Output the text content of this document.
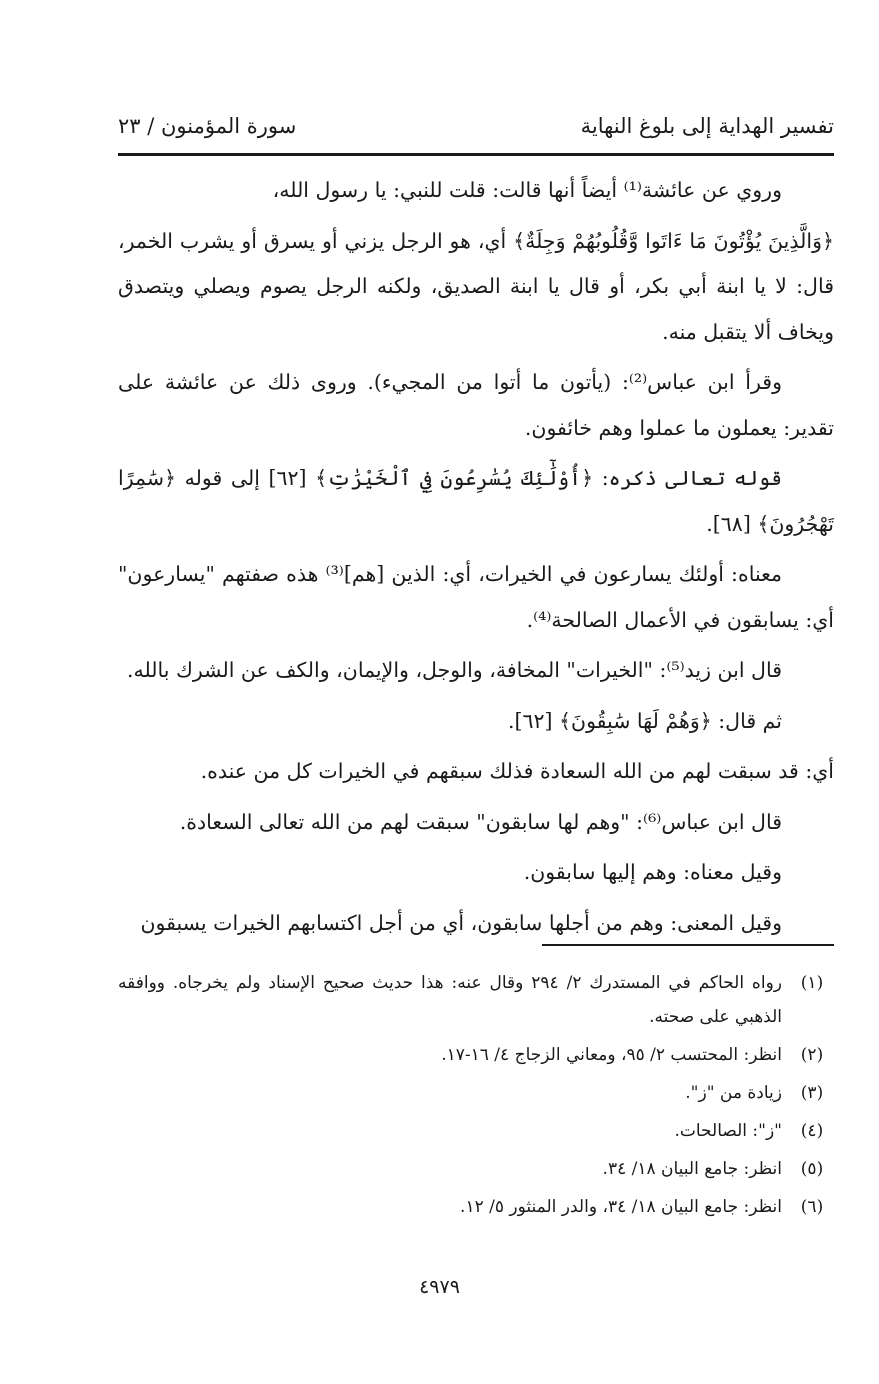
تفسير الهداية إلى بلوغ النهاية
سورة المؤمنون / ٢٣

وروي عن عائشة⁽¹⁾ أيضاً أنها قالت: قلت للنبي: يا رسول الله،

﴿وَالَّذِينَ يُؤْتُونَ مَا ءَاتَوا وَّقُلُوبُهُمْ وَجِلَةٌ﴾ أي، هو الرجل يزني أو يسرق أو يشرب الخمر، قال: لا يا ابنة أبي بكر، أو قال يا ابنة الصديق، ولكنه الرجل يصوم ويصلي ويتصدق ويخاف ألا يتقبل منه.

وقرأ ابن عباس⁽²⁾: (يأتون ما أتوا من المجيء). وروى ذلك عن عائشة على تقدير: يعملون ما عملوا وهم خائفون.

قوله تعالى ذكره: ﴿أُوْلَٰٓئِكَ يُسَٰرِعُونَ فِي ٱلْخَيْرَٰتِ﴾ [٦٢] إلى قوله ﴿سَٰمِرًا تَهْجُرُونَ﴾ [٦٨].

معناه: أولئك يسارعون في الخيرات، أي: الذين [هم]⁽³⁾ هذه صفتهم "يسارعون" أي: يسابقون في الأعمال الصالحة⁽⁴⁾.

قال ابن زيد⁽⁵⁾: "الخيرات" المخافة، والوجل، والإيمان، والكف عن الشرك بالله.

ثم قال: ﴿وَهُمْ لَهَا سَٰبِقُونَ﴾ [٦٢].

أي: قد سبقت لهم من الله السعادة فذلك سبقهم في الخيرات كل من عنده.

قال ابن عباس⁽⁶⁾: "وهم لها سابقون" سبقت لهم من الله تعالى السعادة.

وقيل معناه: وهم إليها سابقون.

وقيل المعنى: وهم من أجلها سابقون، أي من أجل اكتسابهم الخيرات يسبقون

(١)
رواه الحاكم في المستدرك ٢/ ٢٩٤ وقال عنه: هذا حديث صحيح الإسناد ولم يخرجاه. ووافقه الذهبي على صحته.
(٢)
انظر: المحتسب ٢/ ٩٥، ومعاني الزجاج ٤/ ١٦-١٧.
(٣)
زيادة من "ز".
(٤)
"ز": الصالحات.
(٥)
انظر: جامع البيان ١٨/ ٣٤.
(٦)
انظر: جامع البيان ١٨/ ٣٤، والدر المنثور ٥/ ١٢.
٤٩٧٩
